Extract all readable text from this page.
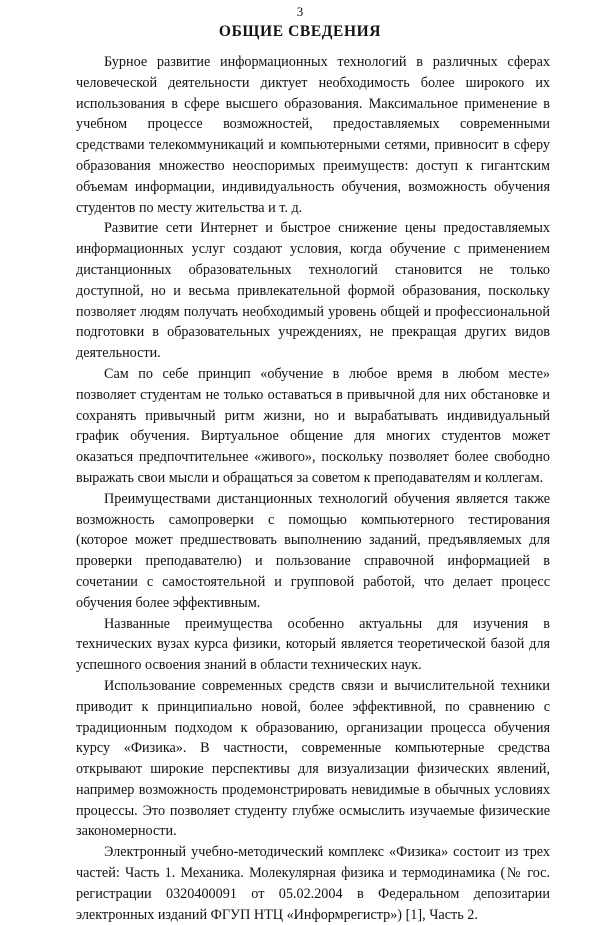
3
ОБЩИЕ СВЕДЕНИЯ

Бурное развитие информационных технологий в различных сферах человеческой деятельности диктует необходимость более широкого их использования в сфере высшего образования. Максимальное применение в учебном процессе возможностей, предоставляемых современными средствами телекоммуникаций и компьютерными сетями, привносит в сферу образования множество неоспоримых преимуществ: доступ к гигантским объемам информации, индивидуальность обучения, возможность обучения студентов по месту жительства и т. д.

Развитие сети Интернет и быстрое снижение цены предоставляемых информационных услуг создают условия, когда обучение с применением дистанционных образовательных технологий становится не только доступной, но и весьма привлекательной формой образования, поскольку позволяет людям получать необходимый уровень общей и профессиональной подготовки в образовательных учреждениях, не прекращая других видов деятельности.

Сам по себе принцип «обучение в любое время в любом месте» позволяет студентам не только оставаться в привычной для них обстановке и сохранять привычный ритм жизни, но и вырабатывать индивидуальный график обучения. Виртуальное общение для многих студентов может оказаться предпочтительнее «живого», поскольку позволяет более свободно выражать свои мысли и обращаться за советом к преподавателям и коллегам.

Преимуществами дистанционных технологий обучения является также возможность самопроверки с помощью компьютерного тестирования (которое может предшествовать выполнению заданий, предъявляемых для проверки преподавателю) и пользование справочной информацией в сочетании с самостоятельной и групповой работой, что делает процесс обучения более эффективным.

Названные преимущества особенно актуальны для изучения в технических вузах курса физики, который является теоретической базой для успешного освоения знаний в области технических наук.

Использование современных средств связи и вычислительной техники приводит к принципиально новой, более эффективной, по сравнению с традиционным подходом к образованию, организации процесса обучения курсу «Физика». В частности, современные компьютерные средства открывают широкие перспективы для визуализации физических явлений, например возможность продемонстрировать невидимые в обычных условиях процессы. Это позволяет студенту глубже осмыслить изучаемые физические закономерности.

Электронный учебно-методический комплекс «Физика» состоит из трех частей: Часть 1. Механика. Молекулярная физика и термодинамика (№ гос. регистрации 0320400091 от 05.02.2004 в Федеральном депозитарии электронных изданий ФГУП НТЦ «Информрегистр») [1], Часть 2.
